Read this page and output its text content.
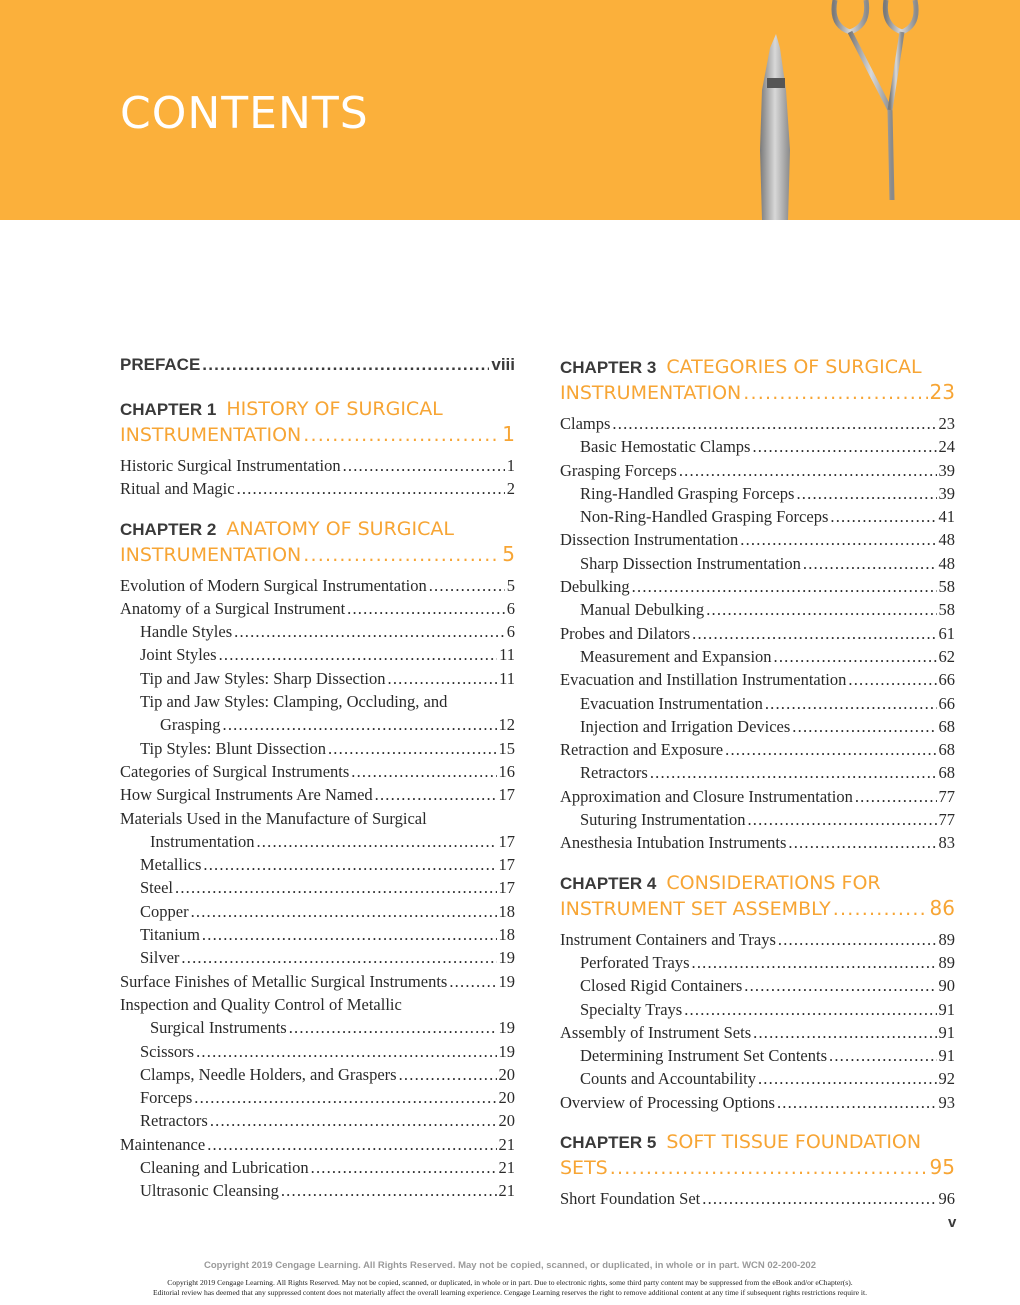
CONTENTS
PREFACE .....	viii
CHAPTER 1 HISTORY OF SURGICAL
INSTRUMENTATION .....	1
Historic Surgical Instrumentation .....	1
Ritual and Magic .....	2
CHAPTER 2 ANATOMY OF SURGICAL
INSTRUMENTATION .....	5
Evolution of Modern Surgical Instrumentation .....	5
Anatomy of a Surgical Instrument .....	6
Handle Styles .....	6
Joint Styles .....	11
Tip and Jaw Styles: Sharp Dissection .....	11
Tip and Jaw Styles: Clamping, Occluding, and
Grasping .....	12
Tip Styles: Blunt Dissection .....	15
Categories of Surgical Instruments .....	16
How Surgical Instruments Are Named .....	17
Materials Used in the Manufacture of Surgical
Instrumentation .....	17
Metallics .....	17
Steel .....	17
Copper .....	18
Titanium .....	18
Silver .....	19
Surface Finishes of Metallic Surgical Instruments .....	19
Inspection and Quality Control of Metallic
Surgical Instruments .....	19
Scissors .....	19
Clamps, Needle Holders, and Graspers .....	20
Forceps .....	20
Retractors .....	20
Maintenance .....	21
Cleaning and Lubrication .....	21
Ultrasonic Cleansing .....	21
CHAPTER 3 CATEGORIES OF SURGICAL
INSTRUMENTATION .....	23
Clamps .....	23
Basic Hemostatic Clamps .....	24
Grasping Forceps .....	39
Ring-Handled Grasping Forceps .....	39
Non-Ring-Handled Grasping Forceps .....	41
Dissection Instrumentation .....	48
Sharp Dissection Instrumentation .....	48
Debulking .....	58
Manual Debulking .....	58
Probes and Dilators .....	61
Measurement and Expansion .....	62
Evacuation and Instillation Instrumentation .....	66
Evacuation Instrumentation .....	66
Injection and Irrigation Devices .....	68
Retraction and Exposure .....	68
Retractors .....	68
Approximation and Closure Instrumentation .....	77
Suturing Instrumentation .....	77
Anesthesia Intubation Instruments .....	83
CHAPTER 4 CONSIDERATIONS FOR
INSTRUMENT SET ASSEMBLY .....	86
Instrument Containers and Trays .....	89
Perforated Trays .....	89
Closed Rigid Containers .....	90
Specialty Trays .....	91
Assembly of Instrument Sets .....	91
Determining Instrument Set Contents .....	91
Counts and Accountability .....	92
Overview of Processing Options .....	93
CHAPTER 5 SOFT TISSUE FOUNDATION
SETS .....	95
Short Foundation Set .....	96
v
Copyright 2019 Cengage Learning. All Rights Reserved. May not be copied, scanned, or duplicated, in whole or in part. WCN 02-200-202
Copyright 2019 Cengage Learning. All Rights Reserved. May not be copied, scanned, or duplicated, in whole or in part. Due to electronic rights, some third party content may be suppressed from the eBook and/or eChapter(s).
Editorial review has deemed that any suppressed content does not materially affect the overall learning experience. Cengage Learning reserves the right to remove additional content at any time if subsequent rights restrictions require it.
